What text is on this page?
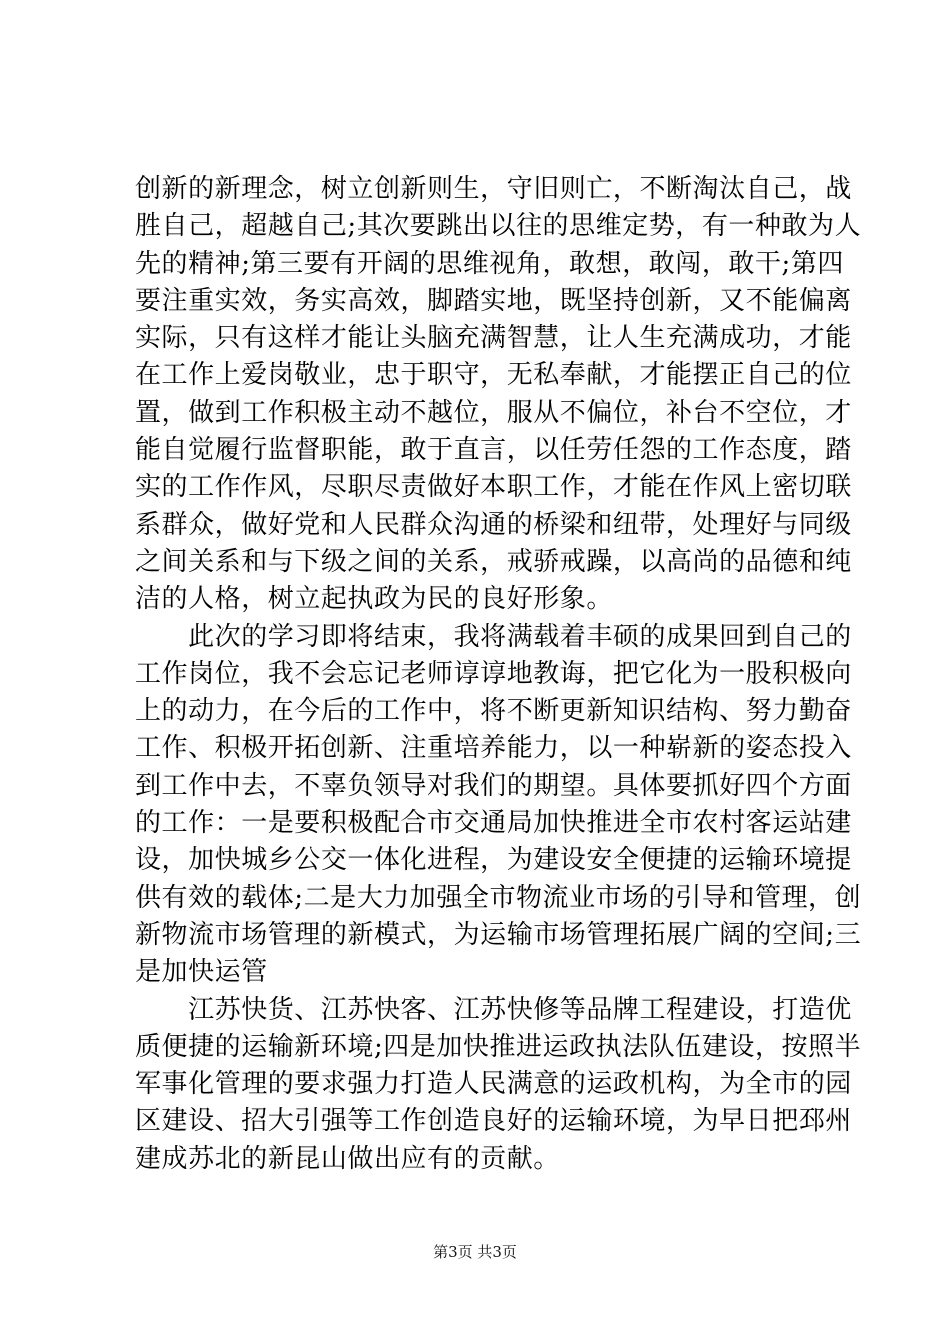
创新的新理念，树立创新则生，守旧则亡，不断淘汰自己，战
胜自己，超越自己;其次要跳出以往的思维定势，有一种敢为人
先的精神;第三要有开阔的思维视角，敢想，敢闯，敢干;第四
要注重实效，务实高效，脚踏实地，既坚持创新，又不能偏离
实际，只有这样才能让头脑充满智慧，让人生充满成功，才能
在工作上爱岗敬业，忠于职守，无私奉献，才能摆正自己的位
置，做到工作积极主动不越位，服从不偏位，补台不空位，才
能自觉履行监督职能，敢于直言，以任劳任怨的工作态度，踏
实的工作作风，尽职尽责做好本职工作，才能在作风上密切联
系群众，做好党和人民群众沟通的桥梁和纽带，处理好与同级
之间关系和与下级之间的关系，戒骄戒躁，以高尚的品德和纯
洁的人格，树立起执政为民的良好形象。
　　此次的学习即将结束，我将满载着丰硕的成果回到自己的
工作岗位，我不会忘记老师谆谆地教诲，把它化为一股积极向
上的动力，在今后的工作中，将不断更新知识结构、努力勤奋
工作、积极开拓创新、注重培养能力，以一种崭新的姿态投入
到工作中去，不辜负领导对我们的期望。具体要抓好四个方面
的工作：一是要积极配合市交通局加快推进全市农村客运站建
设，加快城乡公交一体化进程，为建设安全便捷的运输环境提
供有效的载体;二是大力加强全市物流业市场的引导和管理，创
新物流市场管理的新模式，为运输市场管理拓展广阔的空间;三
是加快运管
　　江苏快货、江苏快客、江苏快修等品牌工程建设，打造优
质便捷的运输新环境;四是加快推进运政执法队伍建设，按照半
军事化管理的要求强力打造人民满意的运政机构，为全市的园
区建设、招大引强等工作创造良好的运输环境，为早日把邳州
建成苏北的新昆山做出应有的贡献。
第3页 共3页
